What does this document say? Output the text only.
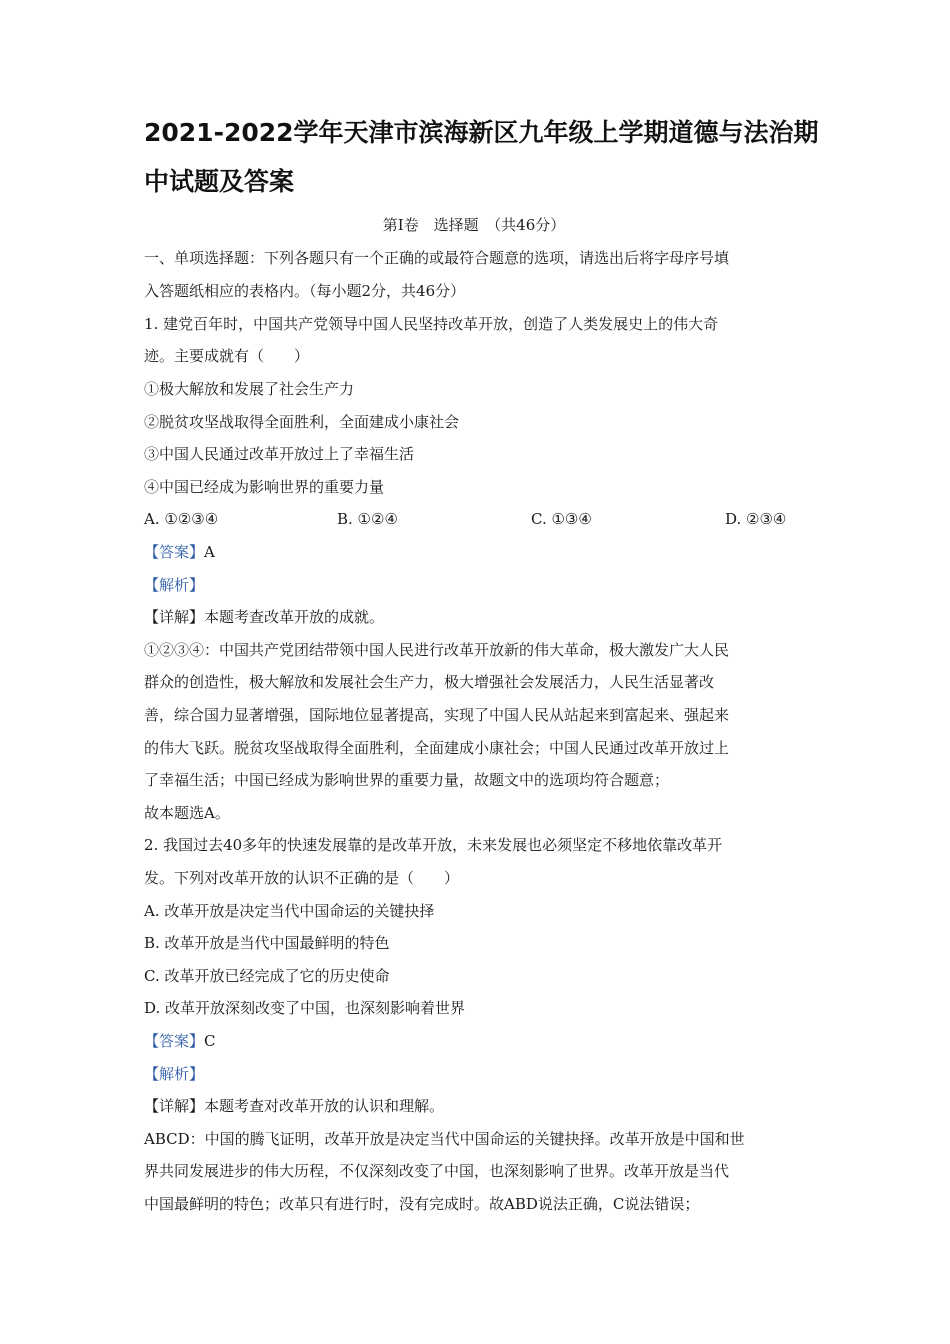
2021-2022学年天津市滨海新区九年级上学期道德与法治期
中试题及答案
第Ⅰ卷　选择题　（共46分）
一、单项选择题：下列各题只有一个正确的或最符合题意的选项，请选出后将字母序号填
入答题纸相应的表格内。（每小题2分，共46分）
1. 建党百年时，中国共产党领导中国人民坚持改革开放，创造了人类发展史上的伟大奇
迹。主要成就有（　　）
①极大解放和发展了社会生产力
②脱贫攻坚战取得全面胜利，全面建成小康社会
③中国人民通过改革开放过上了幸福生活
④中国已经成为影响世界的重要力量
A. ①②③④	B. ①②④	C. ①③④	D. ②③④
【答案】A
【解析】
【详解】本题考查改革开放的成就。
①②③④：中国共产党团结带领中国人民进行改革开放新的伟大革命，极大激发广大人民
群众的创造性，极大解放和发展社会生产力，极大增强社会发展活力，人民生活显著改
善，综合国力显著增强，国际地位显著提高，实现了中国人民从站起来到富起来、强起来
的伟大飞跃。脱贫攻坚战取得全面胜利，全面建成小康社会；中国人民通过改革开放过上
了幸福生活；中国已经成为影响世界的重要力量，故题文中的选项均符合题意；
故本题选A。
2. 我国过去40多年的快速发展靠的是改革开放，未来发展也必须坚定不移地依靠改革开
发。下列对改革开放的认识不正确的是（　　）
A. 改革开放是决定当代中国命运的关键抉择
B. 改革开放是当代中国最鲜明的特色
C. 改革开放已经完成了它的历史使命
D. 改革开放深刻改变了中国，也深刻影响着世界
【答案】C
【解析】
【详解】本题考查对改革开放的认识和理解。
ABCD：中国的腾飞证明，改革开放是决定当代中国命运的关键抉择。改革开放是中国和世
界共同发展进步的伟大历程，不仅深刻改变了中国，也深刻影响了世界。改革开放是当代
中国最鲜明的特色；改革只有进行时，没有完成时。故ABD说法正确，C说法错误；
